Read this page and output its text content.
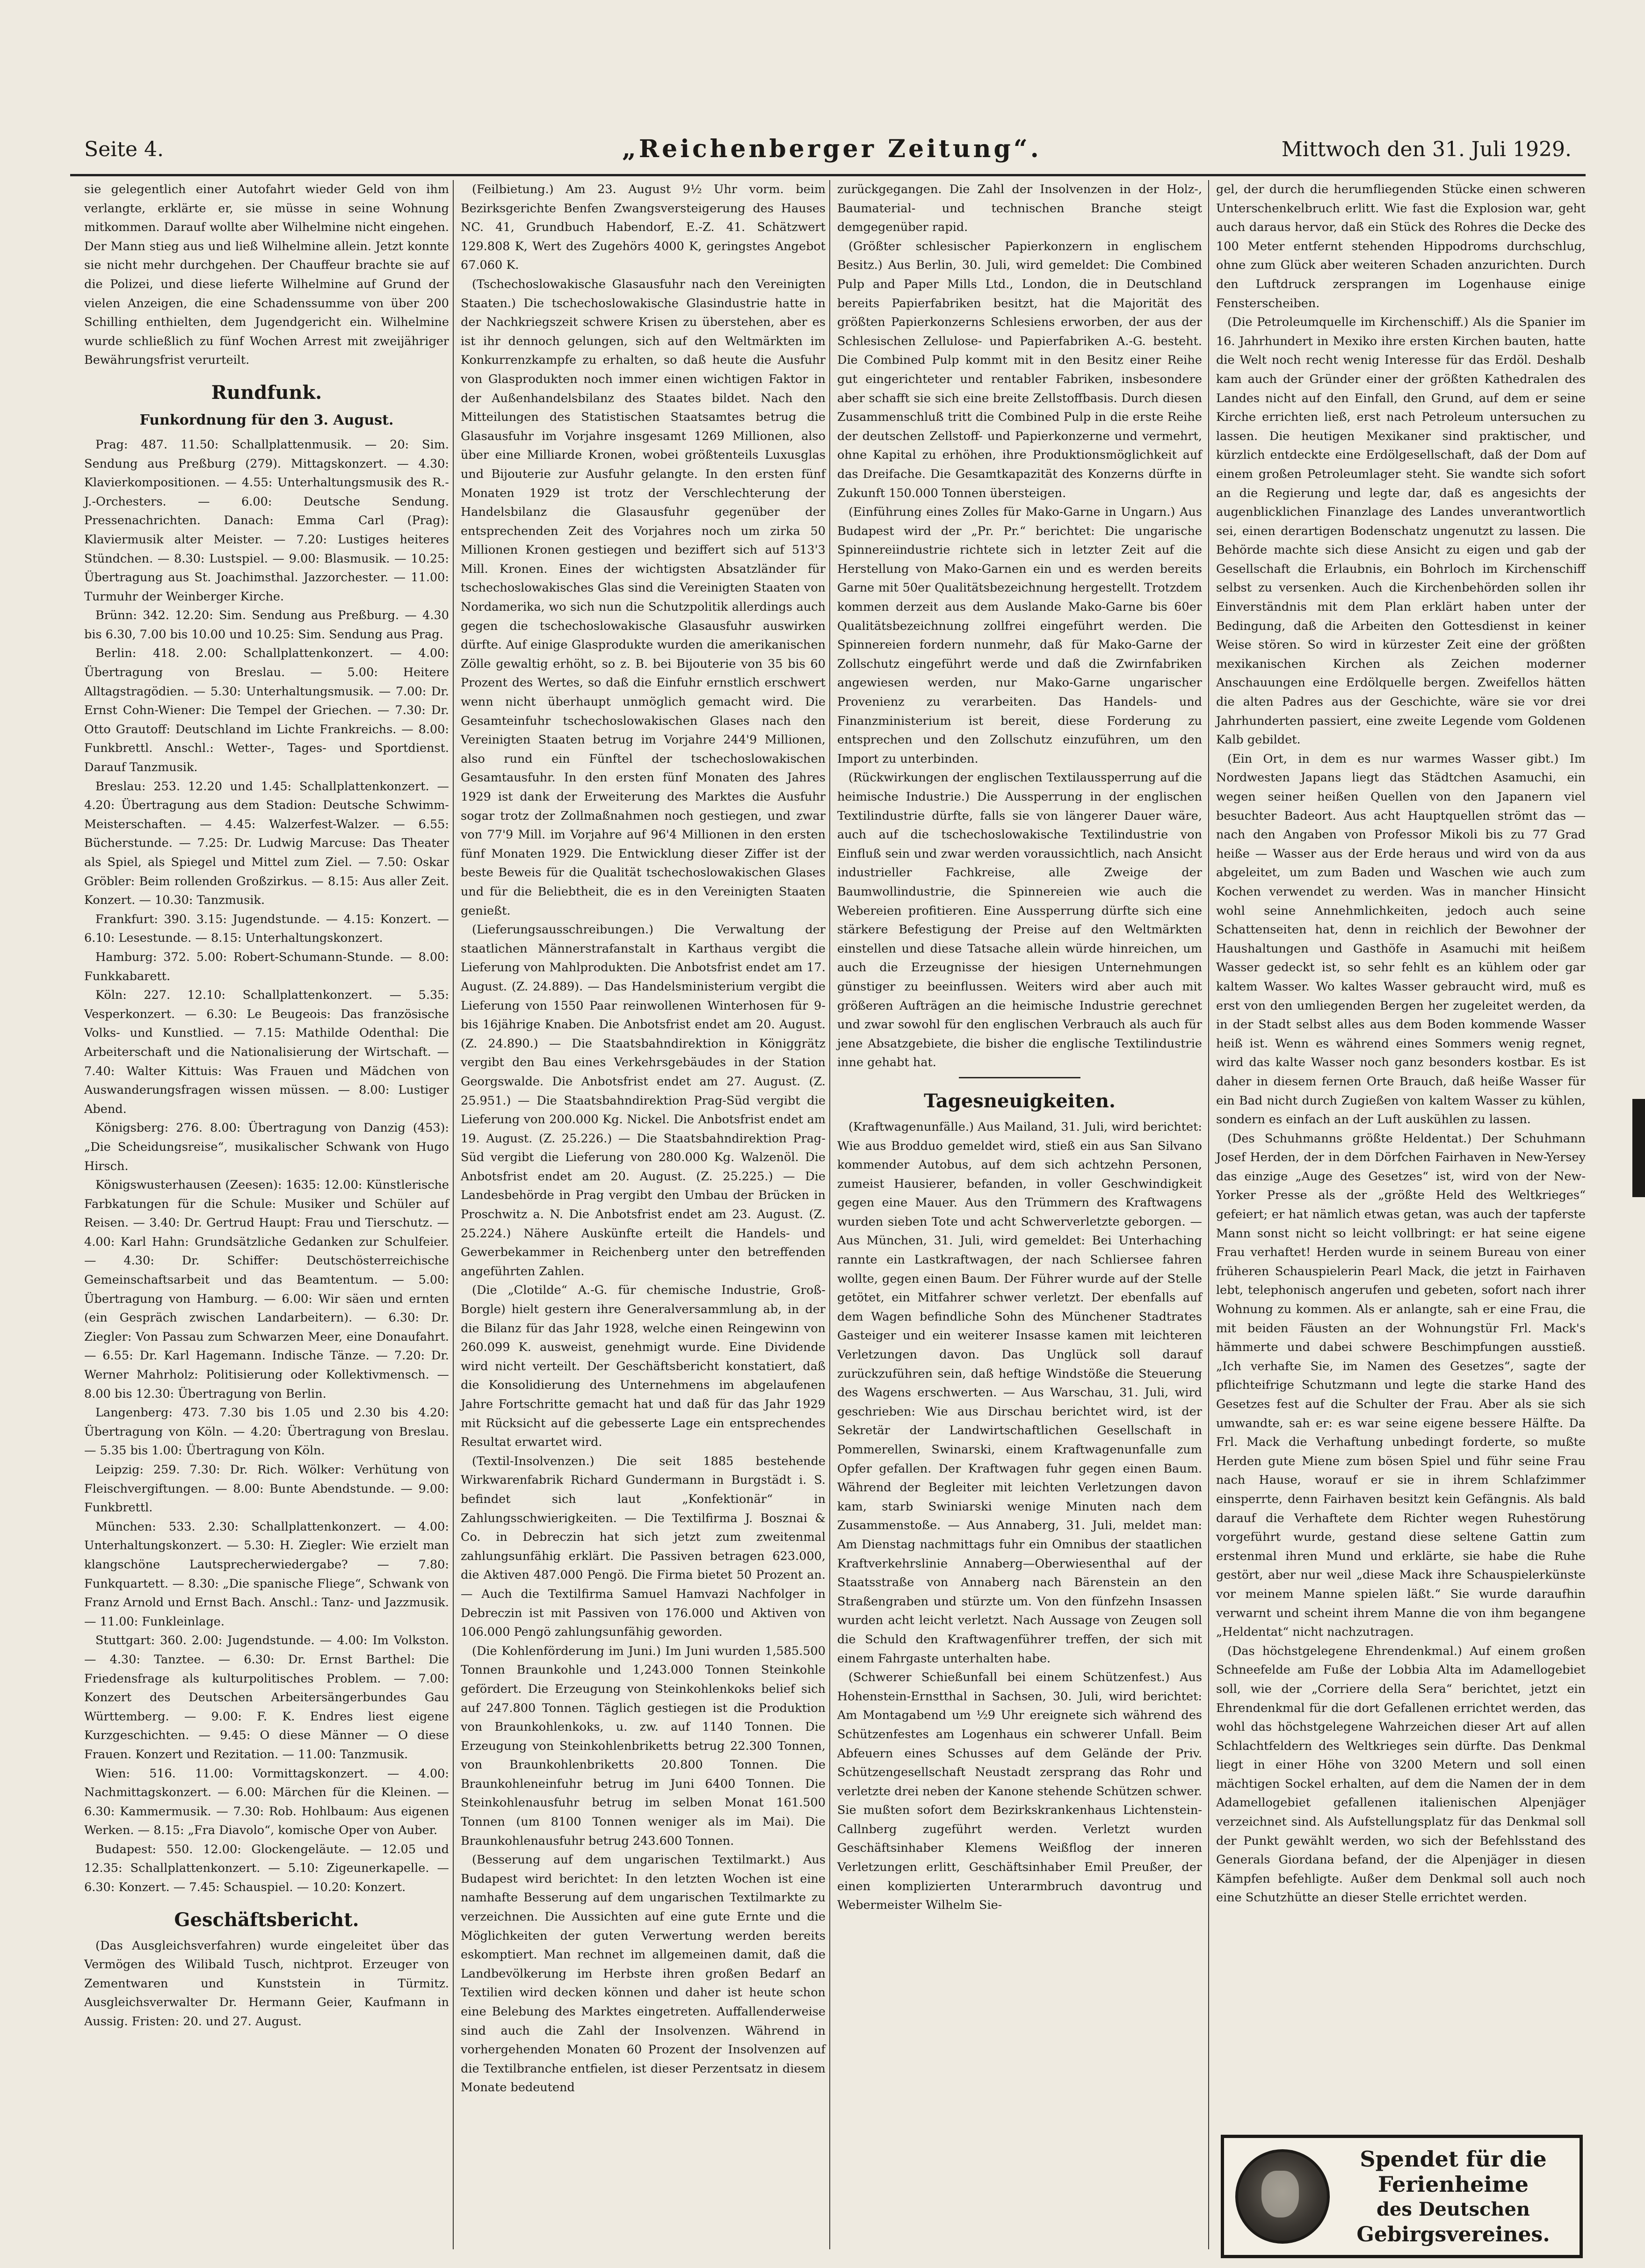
Seite 4.	„Reichenberger Zeitung“.	Mittwoch den 31. Juli 1929.

sie gelegentlich einer Autofahrt wieder Geld von ihm verlangte, erklärte er, sie müsse in seine Wohnung mitkommen. Darauf wollte aber Wilhelmine nicht eingehen. Der Mann stieg aus und ließ Wilhelmine allein. Jetzt konnte sie nicht mehr durchgehen. Der Chauffeur brachte sie auf die Polizei, und diese lieferte Wilhelmine auf Grund der vielen Anzeigen, die eine Schadenssumme von über 200 Schilling enthielten, dem Jugendgericht ein. Wilhelmine wurde schließlich zu fünf Wochen Arrest mit zweijähriger Bewährungsfrist verurteilt.

Rundfunk.
Funkordnung für den 3. August.

Prag: 487. 11.50: Schallplattenmusik. — 20: Sim. Sendung aus Preßburg (279). Mittagskonzert. — 4.30: Klavierkompositionen. — 4.55: Unterhaltungsmusik des R.-J.-Orchesters. — 6.00: Deutsche Sendung. Pressenachrichten. Danach: Emma Carl (Prag): Klaviermusik alter Meister. — 7.20: Lustiges heiteres Stündchen. — 8.30: Lustspiel. — 9.00: Blasmusik. — 10.25: Übertragung aus St. Joachimsthal. Jazzorchester. — 11.00: Turmuhr der Weinberger Kirche.

Brünn: 342. 12.20: Sim. Sendung aus Preßburg. — 4.30 bis 6.30, 7.00 bis 10.00 und 10.25: Sim. Sendung aus Prag.

Berlin: 418. 2.00: Schallplattenkonzert. — 4.00: Übertragung von Breslau. — 5.00: Heitere Alltagstragödien. — 5.30: Unterhaltungsmusik. — 7.00: Dr. Ernst Cohn-Wiener: Die Tempel der Griechen. — 7.30: Dr. Otto Grautoff: Deutschland im Lichte Frankreichs. — 8.00: Funkbrettl. Anschl.: Wetter-, Tages- und Sportdienst. Darauf Tanzmusik.

Breslau: 253. 12.20 und 1.45: Schallplattenkonzert. — 4.20: Übertragung aus dem Stadion: Deutsche Schwimm-Meisterschaften. — 4.45: Walzerfest-Walzer. — 6.55: Bücherstunde. — 7.25: Dr. Ludwig Marcuse: Das Theater als Spiel, als Spiegel und Mittel zum Ziel. — 7.50: Oskar Gröbler: Beim rollenden Großzirkus. — 8.15: Aus aller Zeit. Konzert. — 10.30: Tanzmusik.

Frankfurt: 390. 3.15: Jugendstunde. — 4.15: Konzert. — 6.10: Lesestunde. — 8.15: Unterhaltungskonzert.

Hamburg: 372. 5.00: Robert-Schumann-Stunde. — 8.00: Funkkabarett.

Köln: 227. 12.10: Schallplattenkonzert. — 5.35: Vesperkonzert. — 6.30: Le Beugeois: Das französische Volks- und Kunstlied. — 7.15: Mathilde Odenthal: Die Arbeiterschaft und die Nationalisierung der Wirtschaft. — 7.40: Walter Kittuis: Was Frauen und Mädchen von Auswanderungsfragen wissen müssen. — 8.00: Lustiger Abend.

Königsberg: 276. 8.00: Übertragung von Danzig (453): „Die Scheidungsreise“, musikalischer Schwank von Hugo Hirsch.

Königswusterhausen (Zeesen): 1635: 12.00: Künstlerische Farbkatungen für die Schule: Musiker und Schüler auf Reisen. — 3.40: Dr. Gertrud Haupt: Frau und Tierschutz. — 4.00: Karl Hahn: Grundsätzliche Gedanken zur Schulfeier. — 4.30: Dr. Schiffer: Deutschösterreichische Gemeinschaftsarbeit und das Beamtentum. — 5.00: Übertragung von Hamburg. — 6.00: Wir säen und ernten (ein Gespräch zwischen Landarbeitern). — 6.30: Dr. Ziegler: Von Passau zum Schwarzen Meer, eine Donaufahrt. — 6.55: Dr. Karl Hagemann. Indische Tänze. — 7.20: Dr. Werner Mahrholz: Politisierung oder Kollektivmensch. — 8.00 bis 12.30: Übertragung von Berlin.

Langenberg: 473. 7.30 bis 1.05 und 2.30 bis 4.20: Übertragung von Köln. — 4.20: Übertragung von Breslau. — 5.35 bis 1.00: Übertragung von Köln.

Leipzig: 259. 7.30: Dr. Rich. Wölker: Verhütung von Fleischvergiftungen. — 8.00: Bunte Abendstunde. — 9.00: Funkbrettl.

München: 533. 2.30: Schallplattenkonzert. — 4.00: Unterhaltungskonzert. — 5.30: H. Ziegler: Wie erzielt man klangschöne Lautsprecherwiedergabe? — 7.80: Funkquartett. — 8.30: „Die spanische Fliege“, Schwank von Franz Arnold und Ernst Bach. Anschl.: Tanz- und Jazzmusik. — 11.00: Funkleinlage.

Stuttgart: 360. 2.00: Jugendstunde. — 4.00: Im Volkston. — 4.30: Tanztee. — 6.30: Dr. Ernst Barthel: Die Friedensfrage als kulturpolitisches Problem. — 7.00: Konzert des Deutschen Arbeitersängerbundes Gau Württemberg. — 9.00: F. K. Endres liest eigene Kurzgeschichten. — 9.45: O diese Männer — O diese Frauen. Konzert und Rezitation. — 11.00: Tanzmusik.

Wien: 516. 11.00: Vormittagskonzert. — 4.00: Nachmittagskonzert. — 6.00: Märchen für die Kleinen. — 6.30: Kammermusik. — 7.30: Rob. Hohlbaum: Aus eigenen Werken. — 8.15: „Fra Diavolo“, komische Oper von Auber.

Budapest: 550. 12.00: Glockengeläute. — 12.05 und 12.35: Schallplattenkonzert. — 5.10: Zigeunerkapelle. — 6.30: Konzert. — 7.45: Schauspiel. — 10.20: Konzert.

Geschäftsbericht.

(Das Ausgleichsverfahren) wurde eingeleitet über das Vermögen des Wilibald Tusch, nichtprot. Erzeuger von Zementwaren und Kunststein in Türmitz. Ausgleichsverwalter Dr. Hermann Geier, Kaufmann in Aussig. Fristen: 20. und 27. August.

(Feilbietung.) Am 23. August 9½ Uhr vorm. beim Bezirksgerichte Benfen Zwangsversteigerung des Hauses NC. 41, Grundbuch Habendorf, E.-Z. 41. Schätzwert 129.808 K, Wert des Zugehörs 4000 K, geringstes Angebot 67.060 K.

(Tschechoslowakische Glasausfuhr nach den Vereinigten Staaten.) Die tschechoslowakische Glasindustrie hatte in der Nachkriegszeit schwere Krisen zu überstehen, aber es ist ihr dennoch gelungen, sich auf den Weltmärkten im Konkurrenzkampfe zu erhalten, so daß heute die Ausfuhr von Glasprodukten noch immer einen wichtigen Faktor in der Außenhandelsbilanz des Staates bildet. Nach den Mitteilungen des Statistischen Staatsamtes betrug die Glasausfuhr im Vorjahre insgesamt 1269 Millionen, also über eine Milliarde Kronen, wobei größtenteils Luxusglas und Bijouterie zur Ausfuhr gelangte. In den ersten fünf Monaten 1929 ist trotz der Verschlechterung der Handelsbilanz die Glasausfuhr gegenüber der entsprechenden Zeit des Vorjahres noch um zirka 50 Millionen Kronen gestiegen und beziffert sich auf 513'3 Mill. Kronen. Eines der wichtigsten Absatzländer für tschechoslowakisches Glas sind die Vereinigten Staaten von Nordamerika, wo sich nun die Schutzpolitik allerdings auch gegen die tschechoslowakische Glasausfuhr auswirken dürfte. Auf einige Glasprodukte wurden die amerikanischen Zölle gewaltig erhöht, so z. B. bei Bijouterie von 35 bis 60 Prozent des Wertes, so daß die Einfuhr ernstlich erschwert wenn nicht überhaupt unmöglich gemacht wird. Die Gesamteinfuhr tschechoslowakischen Glases nach den Vereinigten Staaten betrug im Vorjahre 244'9 Millionen, also rund ein Fünftel der tschechoslowakischen Gesamtausfuhr. In den ersten fünf Monaten des Jahres 1929 ist dank der Erweiterung des Marktes die Ausfuhr sogar trotz der Zollmaßnahmen noch gestiegen, und zwar von 77'9 Mill. im Vorjahre auf 96'4 Millionen in den ersten fünf Monaten 1929. Die Entwicklung dieser Ziffer ist der beste Beweis für die Qualität tschechoslowakischen Glases und für die Beliebtheit, die es in den Vereinigten Staaten genießt.

(Lieferungsausschreibungen.) Die Verwaltung der staatlichen Männerstrafanstalt in Karthaus vergibt die Lieferung von Mahlprodukten. Die Anbotsfrist endet am 17. August. (Z. 24.889). — Das Handelsministerium vergibt die Lieferung von 1550 Paar reinwollenen Winterhosen für 9- bis 16jährige Knaben. Die Anbotsfrist endet am 20. August. (Z. 24.890.) — Die Staatsbahndirektion in Königgrätz vergibt den Bau eines Verkehrsgebäudes in der Station Georgswalde. Die Anbotsfrist endet am 27. August. (Z. 25.951.) — Die Staatsbahndirektion Prag-Süd vergibt die Lieferung von 200.000 Kg. Nickel. Die Anbotsfrist endet am 19. August. (Z. 25.226.) — Die Staatsbahndirektion Prag-Süd vergibt die Lieferung von 280.000 Kg. Walzenöl. Die Anbotsfrist endet am 20. August. (Z. 25.225.) — Die Landesbehörde in Prag vergibt den Umbau der Brücken in Proschwitz a. N. Die Anbotsfrist endet am 23. August. (Z. 25.224.) Nähere Auskünfte erteilt die Handels- und Gewerbekammer in Reichenberg unter den betreffenden angeführten Zahlen.

(Die „Clotilde“ A.-G. für chemische Industrie, Groß-Borgle) hielt gestern ihre Generalversammlung ab, in der die Bilanz für das Jahr 1928, welche einen Reingewinn von 260.099 K. ausweist, genehmigt wurde. Eine Dividende wird nicht verteilt. Der Geschäftsbericht konstatiert, daß die Konsolidierung des Unternehmens im abgelaufenen Jahre Fortschritte gemacht hat und daß für das Jahr 1929 mit Rücksicht auf die gebesserte Lage ein entsprechendes Resultat erwartet wird.

(Textil-Insolvenzen.) Die seit 1885 bestehende Wirkwarenfabrik Richard Gundermann in Burgstädt i. S. befindet sich laut „Konfektionär“ in Zahlungsschwierigkeiten. — Die Textilfirma J. Bosznai & Co. in Debreczin hat sich jetzt zum zweitenmal zahlungsunfähig erklärt. Die Passiven betragen 623.000, die Aktiven 487.000 Pengö. Die Firma bietet 50 Prozent an. — Auch die Textilfirma Samuel Hamvazi Nachfolger in Debreczin ist mit Passiven von 176.000 und Aktiven von 106.000 Pengö zahlungsunfähig geworden.

(Die Kohlenförderung im Juni.) Im Juni wurden 1,585.500 Tonnen Braunkohle und 1,243.000 Tonnen Steinkohle gefördert. Die Erzeugung von Steinkohlenkoks belief sich auf 247.800 Tonnen. Täglich gestiegen ist die Produktion von Braunkohlenkoks, u. zw. auf 1140 Tonnen. Die Erzeugung von Steinkohlenbriketts betrug 22.300 Tonnen, von Braunkohlenbriketts 20.800 Tonnen. Die Braunkohleneinfuhr betrug im Juni 6400 Tonnen. Die Steinkohlenausfuhr betrug im selben Monat 161.500 Tonnen (um 8100 Tonnen weniger als im Mai). Die Braunkohlenausfuhr betrug 243.600 Tonnen.

(Besserung auf dem ungarischen Textilmarkt.) Aus Budapest wird berichtet: In den letzten Wochen ist eine namhafte Besserung auf dem ungarischen Textilmarkte zu verzeichnen. Die Aussichten auf eine gute Ernte und die Möglichkeiten der guten Verwertung werden bereits eskomptiert. Man rechnet im allgemeinen damit, daß die Landbevölkerung im Herbste ihren großen Bedarf an Textilien wird decken können und daher ist heute schon eine Belebung des Marktes eingetreten. Auffallenderweise sind auch die Zahl der Insolvenzen. Während in vorhergehenden Monaten 60 Prozent der Insolvenzen auf die Textilbranche entfielen, ist dieser Perzentsatz in diesem Monate bedeutend

zurückgegangen. Die Zahl der Insolvenzen in der Holz-, Baumaterial- und technischen Branche steigt demgegenüber rapid.

(Größter schlesischer Papierkonzern in englischem Besitz.) Aus Berlin, 30. Juli, wird gemeldet: Die Combined Pulp and Paper Mills Ltd., London, die in Deutschland bereits Papierfabriken besitzt, hat die Majorität des größten Papierkonzerns Schlesiens erworben, der aus der Schlesischen Zellulose- und Papierfabriken A.-G. besteht. Die Combined Pulp kommt mit in den Besitz einer Reihe gut eingerichteter und rentabler Fabriken, insbesondere aber schafft sie sich eine breite Zellstoffbasis. Durch diesen Zusammenschluß tritt die Combined Pulp in die erste Reihe der deutschen Zellstoff- und Papierkonzerne und vermehrt, ohne Kapital zu erhöhen, ihre Produktionsmöglichkeit auf das Dreifache. Die Gesamtkapazität des Konzerns dürfte in Zukunft 150.000 Tonnen übersteigen.

(Einführung eines Zolles für Mako-Garne in Ungarn.) Aus Budapest wird der „Pr. Pr.“ berichtet: Die ungarische Spinnereiindustrie richtete sich in letzter Zeit auf die Herstellung von Mako-Garnen ein und es werden bereits Garne mit 50er Qualitätsbezeichnung hergestellt. Trotzdem kommen derzeit aus dem Auslande Mako-Garne bis 60er Qualitätsbezeichnung zollfrei eingeführt werden. Die Spinnereien fordern nunmehr, daß für Mako-Garne der Zollschutz eingeführt werde und daß die Zwirnfabriken angewiesen werden, nur Mako-Garne ungarischer Provenienz zu verarbeiten. Das Handels- und Finanzministerium ist bereit, diese Forderung zu entsprechen und den Zollschutz einzuführen, um den Import zu unterbinden.

(Rückwirkungen der englischen Textilaussperrung auf die heimische Industrie.) Die Aussperrung in der englischen Textilindustrie dürfte, falls sie von längerer Dauer wäre, auch auf die tschechoslowakische Textilindustrie von Einfluß sein und zwar werden voraussichtlich, nach Ansicht industrieller Fachkreise, alle Zweige der Baumwollindustrie, die Spinnereien wie auch die Webereien profitieren. Eine Aussperrung dürfte sich eine stärkere Befestigung der Preise auf den Weltmärkten einstellen und diese Tatsache allein würde hinreichen, um auch die Erzeugnisse der hiesigen Unternehmungen günstiger zu beeinflussen. Weiters wird aber auch mit größeren Aufträgen an die heimische Industrie gerechnet und zwar sowohl für den englischen Verbrauch als auch für jene Absatzgebiete, die bisher die englische Textilindustrie inne gehabt hat.

Tagesneuigkeiten.

(Kraftwagenunfälle.) Aus Mailand, 31. Juli, wird berichtet: Wie aus Brodduo gemeldet wird, stieß ein aus San Silvano kommender Autobus, auf dem sich achtzehn Personen, zumeist Hausierer, befanden, in voller Geschwindigkeit gegen eine Mauer. Aus den Trümmern des Kraftwagens wurden sieben Tote und acht Schwerverletzte geborgen. — Aus München, 31. Juli, wird gemeldet: Bei Unterhaching rannte ein Lastkraftwagen, der nach Schliersee fahren wollte, gegen einen Baum. Der Führer wurde auf der Stelle getötet, ein Mitfahrer schwer verletzt. Der ebenfalls auf dem Wagen befindliche Sohn des Münchener Stadtrates Gasteiger und ein weiterer Insasse kamen mit leichteren Verletzungen davon. Das Unglück soll darauf zurückzuführen sein, daß heftige Windstöße die Steuerung des Wagens erschwerten. — Aus Warschau, 31. Juli, wird geschrieben: Wie aus Dirschau berichtet wird, ist der Sekretär der Landwirtschaftlichen Gesellschaft in Pommerellen, Swinarski, einem Kraftwagenunfalle zum Opfer gefallen. Der Kraftwagen fuhr gegen einen Baum. Während der Begleiter mit leichten Verletzungen davon kam, starb Swiniarski wenige Minuten nach dem Zusammenstoße. — Aus Annaberg, 31. Juli, meldet man: Am Dienstag nachmittags fuhr ein Omnibus der staatlichen Kraftverkehrslinie Annaberg—Oberwiesenthal auf der Staatsstraße von Annaberg nach Bärenstein an den Straßengraben und stürzte um. Von den fünfzehn Insassen wurden acht leicht verletzt. Nach Aussage von Zeugen soll die Schuld den Kraftwagenführer treffen, der sich mit einem Fahrgaste unterhalten habe.

(Schwerer Schießunfall bei einem Schützenfest.) Aus Hohenstein-Ernstthal in Sachsen, 30. Juli, wird berichtet: Am Montagabend um ½9 Uhr ereignete sich während des Schützenfestes am Logenhaus ein schwerer Unfall. Beim Abfeuern eines Schusses auf dem Gelände der Priv. Schützengesellschaft Neustadt zersprang das Rohr und verletzte drei neben der Kanone stehende Schützen schwer. Sie mußten sofort dem Bezirkskrankenhaus Lichtenstein-Callnberg zugeführt werden. Verletzt wurden Geschäftsinhaber Klemens Weißflog der inneren Verletzungen erlitt, Geschäftsinhaber Emil Preußer, der einen komplizierten Unterarmbruch davontrug und Webermeister Wilhelm Sie-

gel, der durch die herumfliegenden Stücke einen schweren Unterschenkelbruch erlitt. Wie fast die Explosion war, geht auch daraus hervor, daß ein Stück des Rohres die Decke des 100 Meter entfernt stehenden Hippodroms durchschlug, ohne zum Glück aber weiteren Schaden anzurichten. Durch den Luftdruck zersprangen im Logenhause einige Fensterscheiben.

(Die Petroleumquelle im Kirchenschiff.) Als die Spanier im 16. Jahrhundert in Mexiko ihre ersten Kirchen bauten, hatte die Welt noch recht wenig Interesse für das Erdöl. Deshalb kam auch der Gründer einer der größten Kathedralen des Landes nicht auf den Einfall, den Grund, auf dem er seine Kirche errichten ließ, erst nach Petroleum untersuchen zu lassen. Die heutigen Mexikaner sind praktischer, und kürzlich entdeckte eine Erdölgesellschaft, daß der Dom auf einem großen Petroleumlager steht. Sie wandte sich sofort an die Regierung und legte dar, daß es angesichts der augenblicklichen Finanzlage des Landes unverantwortlich sei, einen derartigen Bodenschatz ungenutzt zu lassen. Die Behörde machte sich diese Ansicht zu eigen und gab der Gesellschaft die Erlaubnis, ein Bohrloch im Kirchenschiff selbst zu versenken. Auch die Kirchenbehörden sollen ihr Einverständnis mit dem Plan erklärt haben unter der Bedingung, daß die Arbeiten den Gottesdienst in keiner Weise stören. So wird in kürzester Zeit eine der größten mexikanischen Kirchen als Zeichen moderner Anschauungen eine Erdölquelle bergen. Zweifellos hätten die alten Padres aus der Geschichte, wäre sie vor drei Jahrhunderten passiert, eine zweite Legende vom Goldenen Kalb gebildet.

(Ein Ort, in dem es nur warmes Wasser gibt.) Im Nordwesten Japans liegt das Städtchen Asamuchi, ein wegen seiner heißen Quellen von den Japanern viel besuchter Badeort. Aus acht Hauptquellen strömt das — nach den Angaben von Professor Mikoli bis zu 77 Grad heiße — Wasser aus der Erde heraus und wird von da aus abgeleitet, um zum Baden und Waschen wie auch zum Kochen verwendet zu werden. Was in mancher Hinsicht wohl seine Annehmlichkeiten, jedoch auch seine Schattenseiten hat, denn in reichlich der Bewohner der Haushaltungen und Gasthöfe in Asamuchi mit heißem Wasser gedeckt ist, so sehr fehlt es an kühlem oder gar kaltem Wasser. Wo kaltes Wasser gebraucht wird, muß es erst von den umliegenden Bergen her zugeleitet werden, da in der Stadt selbst alles aus dem Boden kommende Wasser heiß ist. Wenn es während eines Sommers wenig regnet, wird das kalte Wasser noch ganz besonders kostbar. Es ist daher in diesem fernen Orte Brauch, daß heiße Wasser für ein Bad nicht durch Zugießen von kaltem Wasser zu kühlen, sondern es einfach an der Luft auskühlen zu lassen.

(Des Schuhmanns größte Heldentat.) Der Schuhmann Josef Herden, der in dem Dörfchen Fairhaven in New-Yersey das einzige „Auge des Gesetzes“ ist, wird von der New-Yorker Presse als der „größte Held des Weltkrieges“ gefeiert; er hat nämlich etwas getan, was auch der tapferste Mann sonst nicht so leicht vollbringt: er hat seine eigene Frau verhaftet! Herden wurde in seinem Bureau von einer früheren Schauspielerin Pearl Mack, die jetzt in Fairhaven lebt, telephonisch angerufen und gebeten, sofort nach ihrer Wohnung zu kommen. Als er anlangte, sah er eine Frau, die mit beiden Fäusten an der Wohnungstür Frl. Mack's hämmerte und dabei schwere Beschimpfungen ausstieß. „Ich verhafte Sie, im Namen des Gesetzes“, sagte der pflichteifrige Schutzmann und legte die starke Hand des Gesetzes fest auf die Schulter der Frau. Aber als sie sich umwandte, sah er: es war seine eigene bessere Hälfte. Da Frl. Mack die Verhaftung unbedingt forderte, so mußte Herden gute Miene zum bösen Spiel und führ seine Frau nach Hause, worauf er sie in ihrem Schlafzimmer einsperrte, denn Fairhaven besitzt kein Gefängnis. Als bald darauf die Verhaftete dem Richter wegen Ruhestörung vorgeführt wurde, gestand diese seltene Gattin zum erstenmal ihren Mund und erklärte, sie habe die Ruhe gestört, aber nur weil „diese Mack ihre Schauspielerkünste vor meinem Manne spielen läßt.“ Sie wurde daraufhin verwarnt und scheint ihrem Manne die von ihm begangene „Heldentat“ nicht nachzutragen.

(Das höchstgelegene Ehrendenkmal.) Auf einem großen Schneefelde am Fuße der Lobbia Alta im Adamellogebiet soll, wie der „Corriere della Sera“ berichtet, jetzt ein Ehrendenkmal für die dort Gefallenen errichtet werden, das wohl das höchstgelegene Wahrzeichen dieser Art auf allen Schlachtfeldern des Weltkrieges sein dürfte. Das Denkmal liegt in einer Höhe von 3200 Metern und soll einen mächtigen Sockel erhalten, auf dem die Namen der in dem Adamellogebiet gefallenen italienischen Alpenjäger verzeichnet sind. Als Aufstellungsplatz für das Denkmal soll der Punkt gewählt werden, wo sich der Befehlsstand des Generals Giordana befand, der die Alpenjäger in diesen Kämpfen befehligte. Außer dem Denkmal soll auch noch eine Schutzhütte an dieser Stelle errichtet werden.

Spendet für die
Ferienheime
des Deutschen
Gebirgsvereines.
